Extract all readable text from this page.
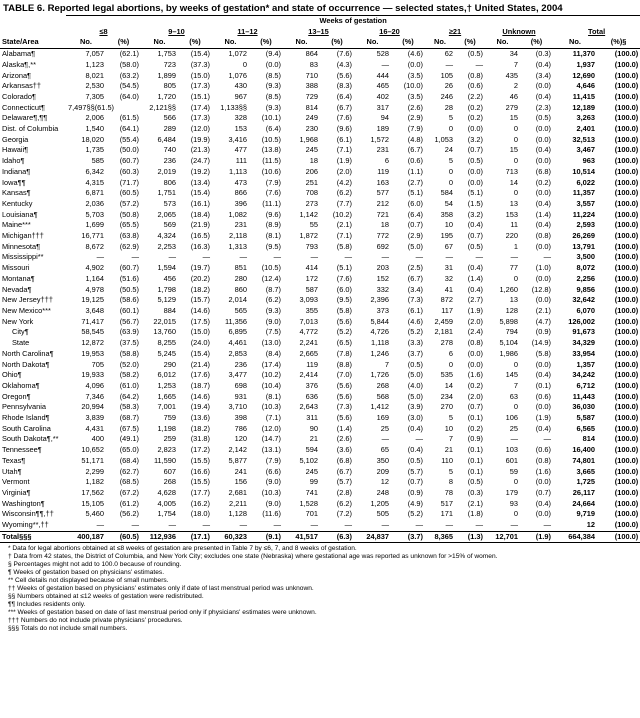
TABLE 6. Reported legal abortions, by weeks of gestation* and state of occurrence — selected states,† United States, 2004
	Weeks of gestation															
	≤8		9–10		11–12		13–15		16–20		≥21		Unknown		Total	
State/Area	No.	(%)	No.	(%)	No.	(%)	No.	(%)	No.	(%)	No.	(%)	No.	(%)	No.	(%)§
Alabama¶	7,057	(62.1)	1,753	(15.4)	1,072	(9.4)	864	(7.6)	528	(4.6)	62	(0.5)	34	(0.3)	11,370	(100.0)
Alaska¶,**	1,123	(58.0)	723	(37.3)	0	(0.0)	83	(4.3)	—	(0.0)	—	—	7	(0.4)	1,937	(100.0)
Arizona¶	8,021	(63.2)	1,899	(15.0)	1,076	(8.5)	710	(5.6)	444	(3.5)	105	(0.8)	435	(3.4)	12,690	(100.0)
Arkansas††	2,530	(54.5)	805	(17.3)	430	(9.3)	388	(8.3)	465	(10.0)	26	(0.6)	2	(0.0)	4,646	(100.0)
Colorado¶	7,305	(64.0)	1,720	(15.1)	967	(8.5)	729	(6.4)	402	(3.5)	246	(2.2)	46	(0.4)	11,415	(100.0)
Connecticut¶	7,497§§(61.5)		2,121§§	(17.4)	1,133§§	(9.3)	814	(6.7)	317	(2.6)	28	(0.2)	279	(2.3)	12,189	(100.0)
Delaware¶,¶¶	2,006	(61.5)	566	(17.3)	328	(10.1)	249	(7.6)	94	(2.9)	5	(0.2)	15	(0.5)	3,263	(100.0)
Dist. of Columbia	1,540	(64.1)	289	(12.0)	153	(6.4)	230	(9.6)	189	(7.9)	0	(0.0)	0	(0.0)	2,401	(100.0)
Georgia	18,020	(55.4)	6,484	(19.9)	3,416	(10.5)	1,968	(6.1)	1,572	(4.8)	1,053	(3.2)	0	(0.0)	32,513	(100.0)
Hawaii¶	1,735	(50.0)	740	(21.3)	477	(13.8)	245	(7.1)	231	(6.7)	24	(0.7)	15	(0.4)	3,467	(100.0)
Idaho¶	585	(60.7)	236	(24.7)	111	(11.5)	18	(1.9)	6	(0.6)	5	(0.5)	0	(0.0)	963	(100.0)
Indiana¶	6,342	(60.3)	2,019	(19.2)	1,113	(10.6)	206	(2.0)	119	(1.1)	0	(0.0)	713	(6.8)	10,514	(100.0)
Iowa¶¶	4,315	(71.7)	806	(13.4)	473	(7.9)	251	(4.2)	163	(2.7)	0	(0.0)	14	(0.2)	6,022	(100.0)
Kansas¶	6,871	(60.5)	1,751	(15.4)	866	(7.6)	708	(6.2)	577	(5.1)	584	(5.1)	0	(0.0)	11,357	(100.0)
Kentucky	2,036	(57.2)	573	(16.1)	396	(11.1)	273	(7.7)	212	(6.0)	54	(1.5)	13	(0.4)	3,557	(100.0)
Louisiana¶	5,703	(50.8)	2,065	(18.4)	1,082	(9.6)	1,142	(10.2)	721	(6.4)	358	(3.2)	153	(1.4)	11,224	(100.0)
Maine***	1,699	(65.5)	569	(21.9)	231	(8.9)	55	(2.1)	18	(0.7)	10	(0.4)	11	(0.4)	2,593	(100.0)
Michigan†††	16,771	(63.8)	4,324	(16.5)	2,118	(8.1)	1,872	(7.1)	772	(2.9)	195	(0.7)	220	(0.8)	26,269	(100.0)
Minnesota¶	8,672	(62.9)	2,253	(16.3)	1,313	(9.5)	793	(5.8)	692	(5.0)	67	(0.5)	1	(0.0)	13,791	(100.0)
Mississippi**	—	—	—	—	—	—	—	—	—	—	—	—	—	—	3,500	(100.0)
Missouri	4,902	(60.7)	1,594	(19.7)	851	(10.5)	414	(5.1)	203	(2.5)	31	(0.4)	77	(1.0)	8,072	(100.0)
Montana¶	1,164	(51.6)	456	(20.2)	280	(12.4)	172	(7.6)	152	(6.7)	32	(1.4)	0	(0.0)	2,256	(100.0)
Nevada¶	4,978	(50.5)	1,798	(18.2)	860	(8.7)	587	(6.0)	332	(3.4)	41	(0.4)	1,260	(12.8)	9,856	(100.0)
New Jersey†††	19,125	(58.6)	5,129	(15.7)	2,014	(6.2)	3,093	(9.5)	2,396	(7.3)	872	(2.7)	13	(0.0)	32,642	(100.0)
New Mexico***	3,648	(60.1)	884	(14.6)	565	(9.3)	355	(5.8)	373	(6.1)	117	(1.9)	128	(2.1)	6,070	(100.0)
New York	71,417	(56.7)	22,015	(17.5)	11,356	(9.0)	7,013	(5.6)	5,844	(4.6)	2,459	(2.0)	5,898	(4.7)	126,002	(100.0)
City¶	58,545	(63.9)	13,760	(15.0)	6,895	(7.5)	4,772	(5.2)	4,726	(5.2)	2,181	(2.4)	794	(0.9)	91,673	(100.0)
State	12,872	(37.5)	8,255	(24.0)	4,461	(13.0)	2,241	(6.5)	1,118	(3.3)	278	(0.8)	5,104	(14.9)	34,329	(100.0)
North Carolina¶	19,953	(58.8)	5,245	(15.4)	2,853	(8.4)	2,665	(7.8)	1,246	(3.7)	6	(0.0)	1,986	(5.8)	33,954	(100.0)
North Dakota¶	705	(52.0)	290	(21.4)	236	(17.4)	119	(8.8)	7	(0.5)	0	(0.0)	0	(0.0)	1,357	(100.0)
Ohio¶	19,933	(58.2)	6,012	(17.6)	3,477	(10.2)	2,414	(7.0)	1,726	(5.0)	535	(1.6)	145	(0.4)	34,242	(100.0)
Oklahoma¶	4,096	(61.0)	1,253	(18.7)	698	(10.4)	376	(5.6)	268	(4.0)	14	(0.2)	7	(0.1)	6,712	(100.0)
Oregon¶	7,346	(64.2)	1,665	(14.6)	931	(8.1)	636	(5.6)	568	(5.0)	234	(2.0)	63	(0.6)	11,443	(100.0)
Pennsylvania	20,994	(58.3)	7,001	(19.4)	3,710	(10.3)	2,643	(7.3)	1,412	(3.9)	270	(0.7)	0	(0.0)	36,030	(100.0)
Rhode Island¶	3,839	(68.7)	759	(13.6)	398	(7.1)	311	(5.6)	169	(3.0)	5	(0.1)	106	(1.9)	5,587	(100.0)
South Carolina	4,431	(67.5)	1,198	(18.2)	786	(12.0)	90	(1.4)	25	(0.4)	10	(0.2)	25	(0.4)	6,565	(100.0)
South Dakota¶,**	400	(49.1)	259	(31.8)	120	(14.7)	21	(2.6)	—	—	7	(0.9)	—	—	814	(100.0)
Tennessee¶	10,652	(65.0)	2,823	(17.2)	2,142	(13.1)	594	(3.6)	65	(0.4)	21	(0.1)	103	(0.6)	16,400	(100.0)
Texas¶	51,171	(68.4)	11,590	(15.5)	5,877	(7.9)	5,102	(6.8)	350	(0.5)	110	(0.1)	601	(0.8)	74,801	(100.0)
Utah¶	2,299	(62.7)	607	(16.6)	241	(6.6)	245	(6.7)	209	(5.7)	5	(0.1)	59	(1.6)	3,665	(100.0)
Vermont	1,182	(68.5)	268	(15.5)	156	(9.0)	99	(5.7)	12	(0.7)	8	(0.5)	0	(0.0)	1,725	(100.0)
Virginia¶	17,562	(67.2)	4,628	(17.7)	2,681	(10.3)	741	(2.8)	248	(0.9)	78	(0.3)	179	(0.7)	26,117	(100.0)
Washington¶	15,105	(61.2)	4,005	(16.2)	2,211	(9.0)	1,528	(6.2)	1,205	(4.9)	517	(2.1)	93	(0.4)	24,664	(100.0)
Wisconsin¶¶,††	5,460	(56.2)	1,754	(18.0)	1,128	(11.6)	701	(7.2)	505	(5.2)	171	(1.8)	0	(0.0)	9,719	(100.0)
Wyoming**,††	—	—	—	—	—	—	—	—	—	—	—	—	—	—	12	(100.0)
Total§§§	400,187	(60.5)	112,936	(17.1)	60,323	(9.1)	41,517	(6.3)	24,837	(3.7)	8,365	(1.3)	12,701	(1.9)	664,384	(100.0)
* Data for legal abortions obtained at ≤8 weeks of gestation are presented in Table 7 by ≤6, 7, and 8 weeks of gestation.
† Data from 42 states, the District of Columbia, and New York City; excludes one state (Nebraska) where gestational age was reported as unknown for >15% of women.
§ Percentages might not add to 100.0 because of rounding.
¶ Weeks of gestation based on physicians' estimates.
** Cell details not displayed because of small numbers.
†† Weeks of gestation based on physicians' estimates only if date of last menstrual period was unknown.
§§ Numbers obtained at ≤12 weeks of gestation were redistributed.
¶¶ Includes residents only.
*** Weeks of gestation based on date of last menstrual period only if physicians' estimates were unknown.
††† Numbers do not include private physicians' procedures.
§§§ Totals do not include small numbers.
